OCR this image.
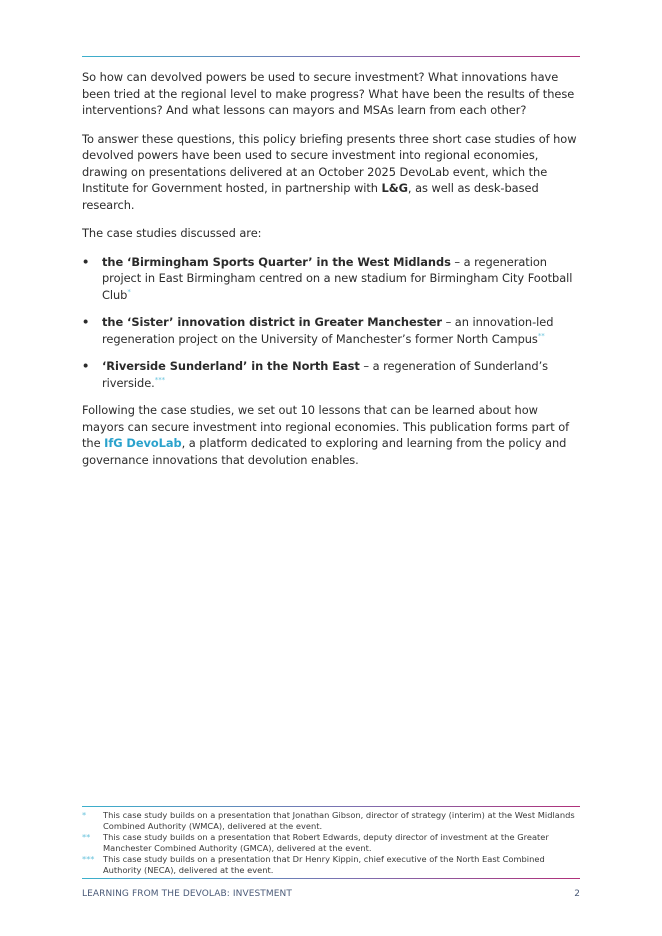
So how can devolved powers be used to secure investment? What innovations have been tried at the regional level to make progress? What have been the results of these interventions? And what lessons can mayors and MSAs learn from each other?

To answer these questions, this policy briefing presents three short case studies of how devolved powers have been used to secure investment into regional economies, drawing on presentations delivered at an October 2025 DevoLab event, which the Institute for Government hosted, in partnership with L&G, as well as desk-based research.

The case studies discussed are:

• the ‘Birmingham Sports Quarter’ in the West Midlands – a regeneration project in East Birmingham centred on a new stadium for Birmingham City Football Club*
• the ‘Sister’ innovation district in Greater Manchester – an innovation-led regeneration project on the University of Manchester’s former North Campus**
• ‘Riverside Sunderland’ in the North East – a regeneration of Sunderland’s riverside.***

Following the case studies, we set out 10 lessons that can be learned about how mayors can secure investment into regional economies. This publication forms part of the IfG DevoLab, a platform dedicated to exploring and learning from the policy and governance innovations that devolution enables.

* This case study builds on a presentation that Jonathan Gibson, director of strategy (interim) at the West Midlands Combined Authority (WMCA), delivered at the event.
** This case study builds on a presentation that Robert Edwards, deputy director of investment at the Greater Manchester Combined Authority (GMCA), delivered at the event.
*** This case study builds on a presentation that Dr Henry Kippin, chief executive of the North East Combined Authority (NECA), delivered at the event.
LEARNING FROM THE DEVOLAB: INVESTMENT	2
